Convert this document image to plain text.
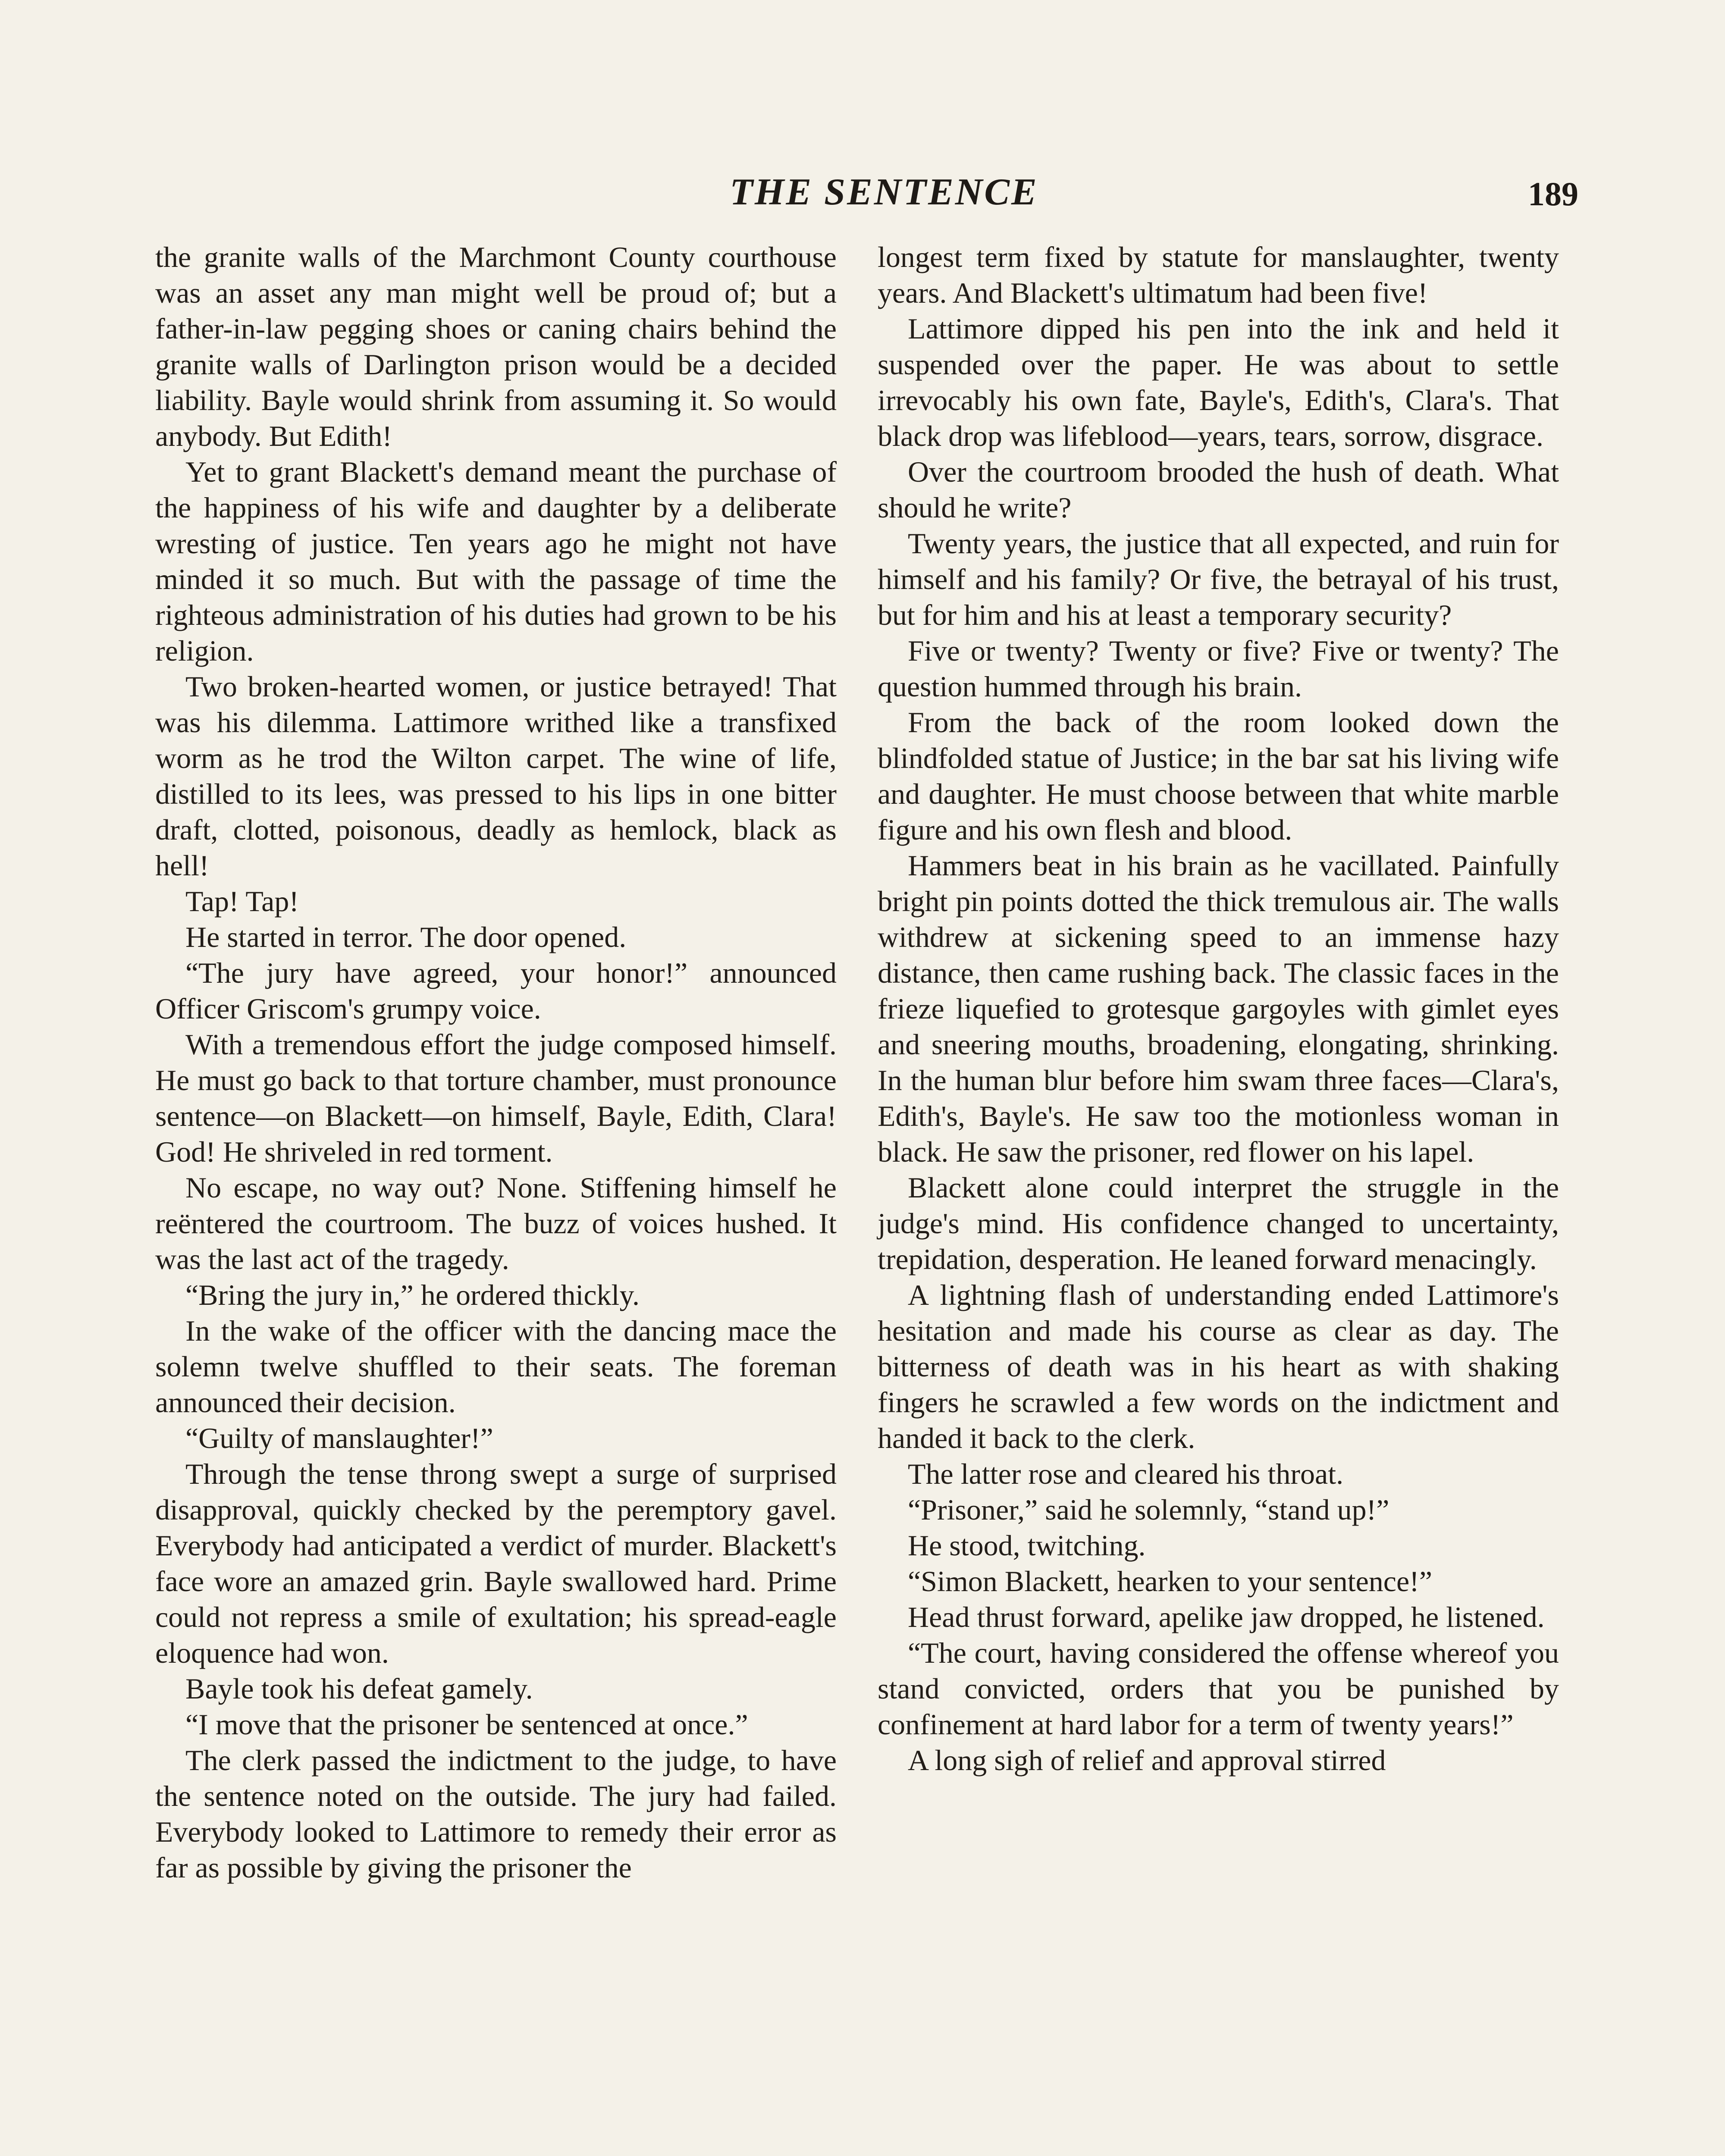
THE SENTENCE	189

the granite walls of the Marchmont County courthouse was an asset any man might well be proud of; but a father-in-law pegging shoes or caning chairs behind the granite walls of Darlington prison would be a decided liability. Bayle would shrink from assuming it. So would anybody. But Edith!

Yet to grant Blackett's demand meant the purchase of the happiness of his wife and daughter by a deliberate wresting of justice. Ten years ago he might not have minded it so much. But with the passage of time the righteous administration of his duties had grown to be his religion.

Two broken-hearted women, or justice betrayed! That was his dilemma. Lattimore writhed like a transfixed worm as he trod the Wilton carpet. The wine of life, distilled to its lees, was pressed to his lips in one bitter draft, clotted, poisonous, deadly as hemlock, black as hell!

Tap! Tap!

He started in terror. The door opened.

“The jury have agreed, your honor!” announced Officer Griscom's grumpy voice.

With a tremendous effort the judge composed himself. He must go back to that torture chamber, must pronounce sentence—on Blackett—on himself, Bayle, Edith, Clara! God! He shriveled in red torment.

No escape, no way out? None. Stiffening himself he reëntered the courtroom. The buzz of voices hushed. It was the last act of the tragedy.

“Bring the jury in,” he ordered thickly.

In the wake of the officer with the dancing mace the solemn twelve shuffled to their seats. The foreman announced their decision.

“Guilty of manslaughter!”

Through the tense throng swept a surge of surprised disapproval, quickly checked by the peremptory gavel. Everybody had anticipated a verdict of murder. Blackett's face wore an amazed grin. Bayle swallowed hard. Prime could not repress a smile of exultation; his spread-eagle eloquence had won.

Bayle took his defeat gamely.

“I move that the prisoner be sentenced at once.”

The clerk passed the indictment to the judge, to have the sentence noted on the outside. The jury had failed. Everybody looked to Lattimore to remedy their error as far as possible by giving the prisoner the

longest term fixed by statute for manslaughter, twenty years. And Blackett's ultimatum had been five!

Lattimore dipped his pen into the ink and held it suspended over the paper. He was about to settle irrevocably his own fate, Bayle's, Edith's, Clara's. That black drop was lifeblood—years, tears, sorrow, disgrace.

Over the courtroom brooded the hush of death. What should he write?

Twenty years, the justice that all expected, and ruin for himself and his family? Or five, the betrayal of his trust, but for him and his at least a temporary security?

Five or twenty? Twenty or five? Five or twenty? The question hummed through his brain.

From the back of the room looked down the blindfolded statue of Justice; in the bar sat his living wife and daughter. He must choose between that white marble figure and his own flesh and blood.

Hammers beat in his brain as he vacillated. Painfully bright pin points dotted the thick tremulous air. The walls withdrew at sickening speed to an immense hazy distance, then came rushing back. The classic faces in the frieze liquefied to grotesque gargoyles with gimlet eyes and sneering mouths, broadening, elongating, shrinking. In the human blur before him swam three faces—Clara's, Edith's, Bayle's. He saw too the motionless woman in black. He saw the prisoner, red flower on his lapel.

Blackett alone could interpret the struggle in the judge's mind. His confidence changed to uncertainty, trepidation, desperation. He leaned forward menacingly.

A lightning flash of understanding ended Lattimore's hesitation and made his course as clear as day. The bitterness of death was in his heart as with shaking fingers he scrawled a few words on the indictment and handed it back to the clerk.

The latter rose and cleared his throat.

“Prisoner,” said he solemnly, “stand up!”

He stood, twitching.

“Simon Blackett, hearken to your sentence!”

Head thrust forward, apelike jaw dropped, he listened.

“The court, having considered the offense whereof you stand convicted, orders that you be punished by confinement at hard labor for a term of twenty years!”

A long sigh of relief and approval stirred
